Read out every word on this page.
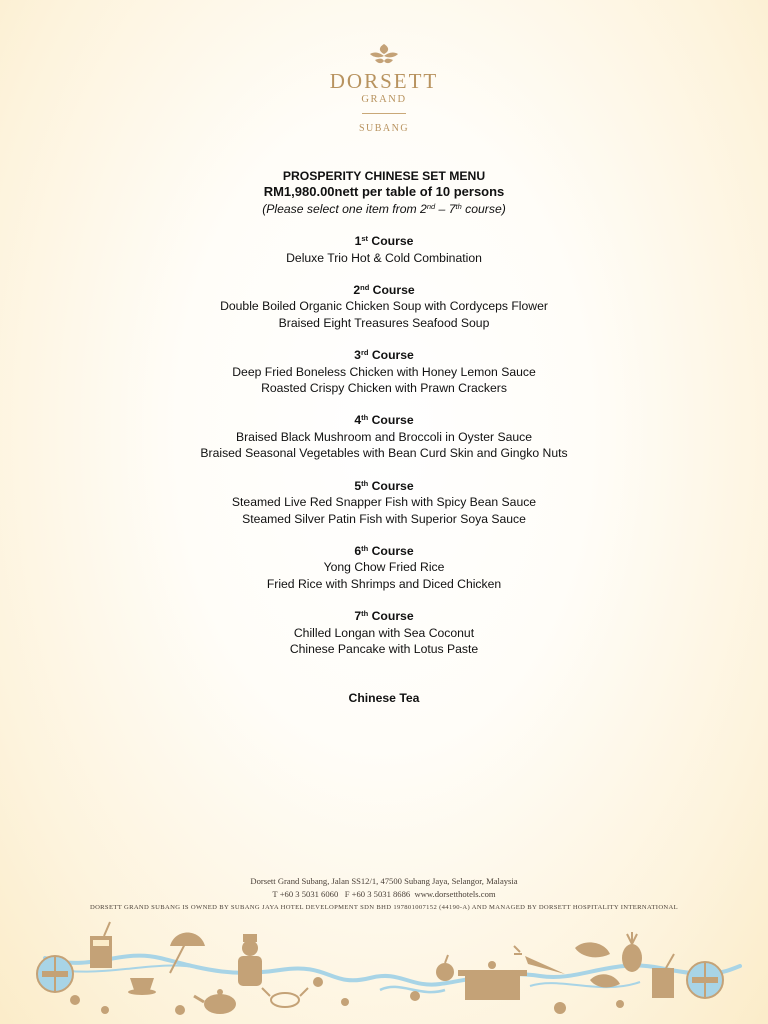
DORSETT
GRAND
SUBANG
PROSPERITY CHINESE SET MENU
RM1,980.00nett per table of 10 persons
(Please select one item from 2nd – 7th course)
1st Course
Deluxe Trio Hot & Cold Combination
2nd Course
Double Boiled Organic Chicken Soup with Cordyceps Flower
Braised Eight Treasures Seafood Soup
3rd Course
Deep Fried Boneless Chicken with Honey Lemon Sauce
Roasted Crispy Chicken with Prawn Crackers
4th Course
Braised Black Mushroom and Broccoli in Oyster Sauce
Braised Seasonal Vegetables with Bean Curd Skin and Gingko Nuts
5th Course
Steamed Live Red Snapper Fish with Spicy Bean Sauce
Steamed Silver Patin Fish with Superior Soya Sauce
6th Course
Yong Chow Fried Rice
Fried Rice with Shrimps and Diced Chicken
7th Course
Chilled Longan with Sea Coconut
Chinese Pancake with Lotus Paste
Chinese Tea
Dorsett Grand Subang, Jalan SS12/1, 47500 Subang Jaya, Selangor, Malaysia
T +60 3 5031 6060 F +60 3 5031 8686 www.dorsetthotels.com
DORSETT GRAND SUBANG IS OWNED BY SUBANG JAYA HOTEL DEVELOPMENT SDN BHD 197801007152 (44190-A) AND MANAGED BY DORSETT HOSPITALITY INTERNATIONAL
